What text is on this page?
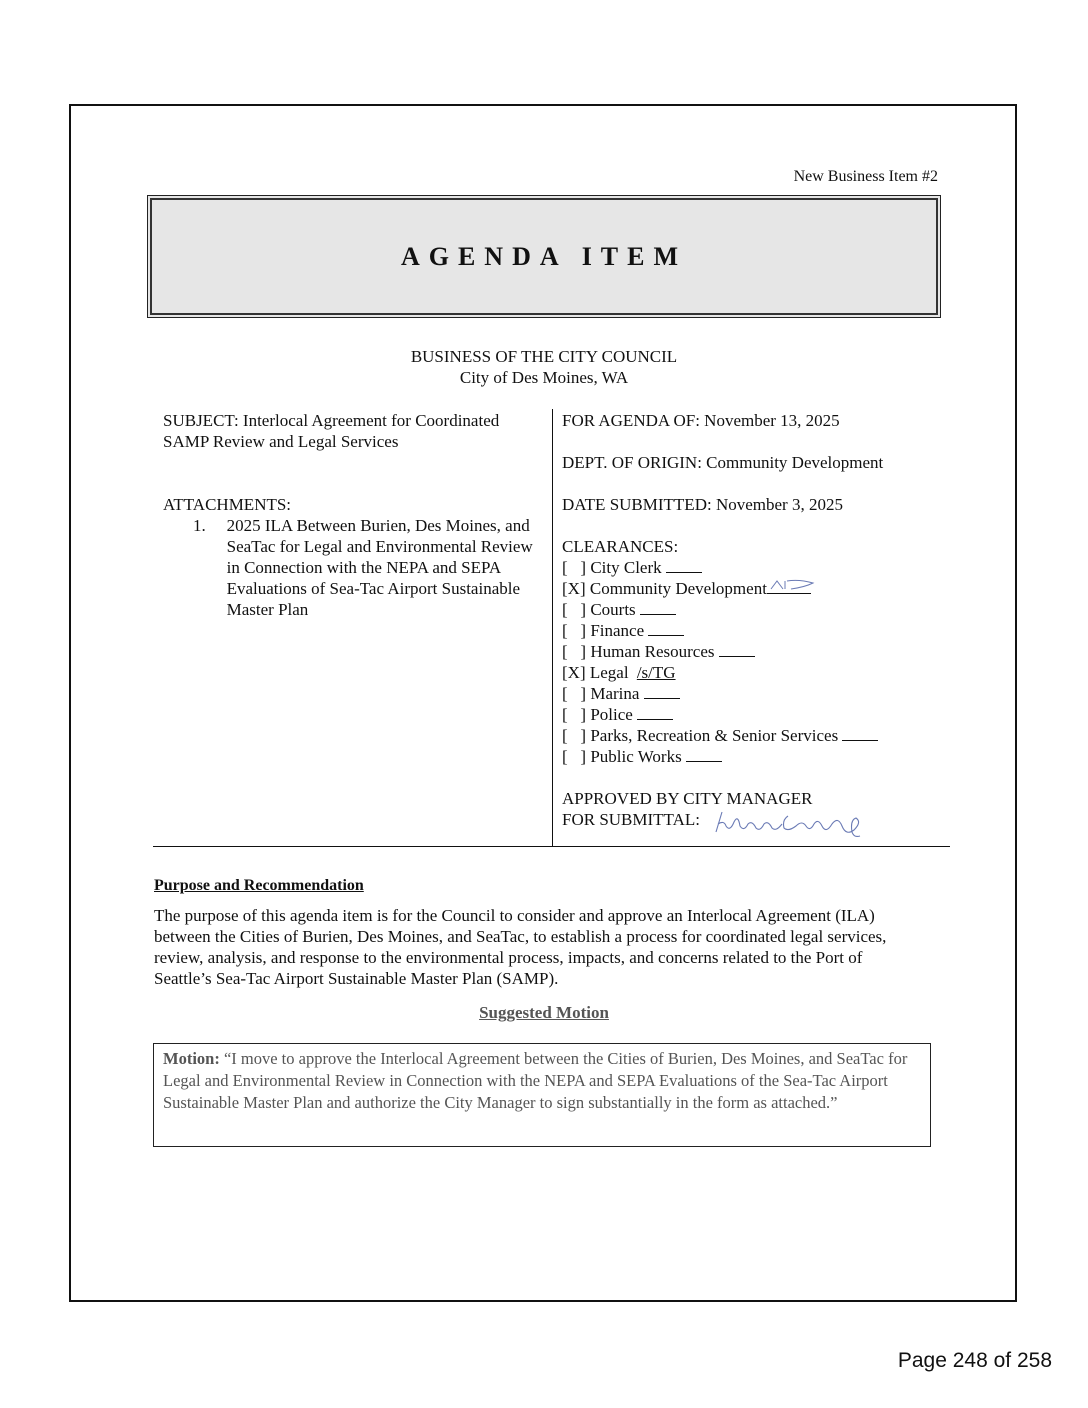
New Business Item #2
AGENDA ITEM
BUSINESS OF THE CITY COUNCIL
City of Des Moines, WA
SUBJECT: Interlocal Agreement for Coordinated SAMP Review and Legal Services
ATTACHMENTS:
1.	2025 ILA Between Burien, Des Moines, and SeaTac for Legal and Environmental Review in Connection with the NEPA and SEPA Evaluations of Sea-Tac Airport Sustainable Master Plan
FOR AGENDA OF: November 13, 2025
DEPT. OF ORIGIN: Community Development
DATE SUBMITTED: November 3, 2025
CLEARANCES:
[   ] City Clerk
[X] Community Development
[   ] Courts
[   ] Finance
[   ] Human Resources
[X] Legal /s/TG
[   ] Marina
[   ] Police
[   ] Parks, Recreation & Senior Services
[   ] Public Works
APPROVED BY CITY MANAGER
FOR SUBMITTAL:
Purpose and Recommendation
The purpose of this agenda item is for the Council to consider and approve an Interlocal Agreement (ILA) between the Cities of Burien, Des Moines, and SeaTac, to establish a process for coordinated legal services, review, analysis, and response to the environmental process, impacts, and concerns related to the Port of Seattle’s Sea-Tac Airport Sustainable Master Plan (SAMP).
Suggested Motion
Motion: “I move to approve the Interlocal Agreement between the Cities of Burien, Des Moines, and SeaTac for Legal and Environmental Review in Connection with the NEPA and SEPA Evaluations of the Sea-Tac Airport Sustainable Master Plan and authorize the City Manager to sign substantially in the form as attached.”
Page 248 of 258
